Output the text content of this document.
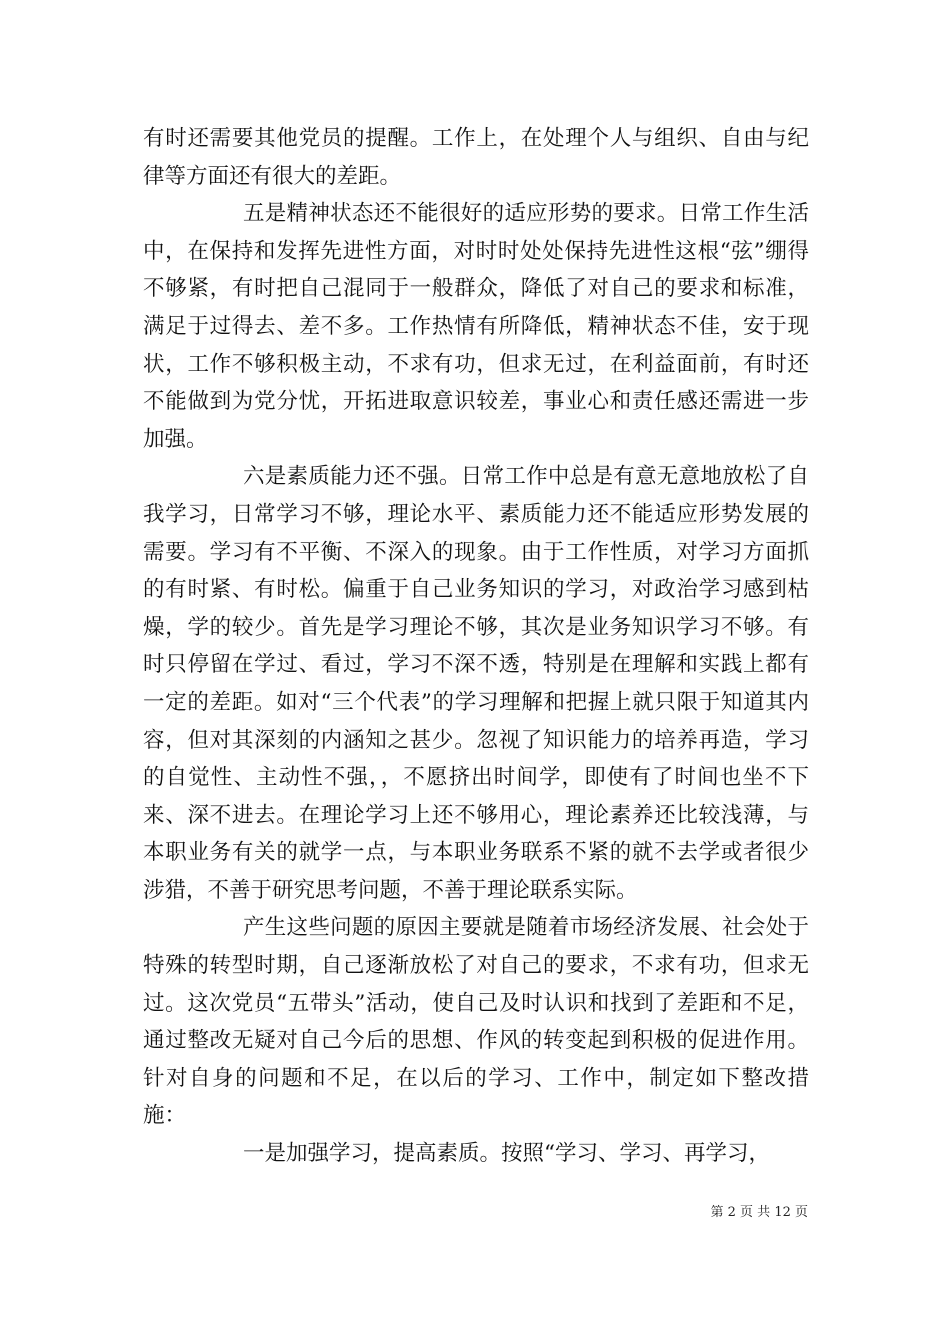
有时还需要其他党员的提醒。工作上，在处理个人与组织、自由与纪律等方面还有很大的差距。

五是精神状态还不能很好的适应形势的要求。日常工作生活中，在保持和发挥先进性方面，对时时处处保持先进性这根“弦”绷得不够紧，有时把自己混同于一般群众，降低了对自己的要求和标准，满足于过得去、差不多。工作热情有所降低，精神状态不佳，安于现状，工作不够积极主动，不求有功，但求无过，在利益面前，有时还不能做到为党分忧，开拓进取意识较差，事业心和责任感还需进一步加强。

六是素质能力还不强。日常工作中总是有意无意地放松了自我学习，日常学习不够，理论水平、素质能力还不能适应形势发展的需要。学习有不平衡、不深入的现象。由于工作性质，对学习方面抓的有时紧、有时松。偏重于自己业务知识的学习，对政治学习感到枯燥，学的较少。首先是学习理论不够，其次是业务知识学习不够。有时只停留在学过、看过，学习不深不透，特别是在理解和实践上都有一定的差距。如对“三个代表”的学习理解和把握上就只限于知道其内容，但对其深刻的内涵知之甚少。忽视了知识能力的培养再造，学习的自觉性、主动性不强，，不愿挤出时间学，即使有了时间也坐不下来、深不进去。在理论学习上还不够用心，理论素养还比较浅薄，与本职业务有关的就学一点，与本职业务联系不紧的就不去学或者很少涉猎，不善于研究思考问题，不善于理论联系实际。

产生这些问题的原因主要就是随着市场经济发展、社会处于特殊的转型时期，自己逐渐放松了对自己的要求，不求有功，但求无过。这次党员“五带头”活动，使自己及时认识和找到了差距和不足，通过整改无疑对自己今后的思想、作风的转变起到积极的促进作用。针对自身的问题和不足，在以后的学习、工作中，制定如下整改措施：

一是加强学习，提高素质。按照“学习、学习、再学习，

第 2 页 共 12 页
